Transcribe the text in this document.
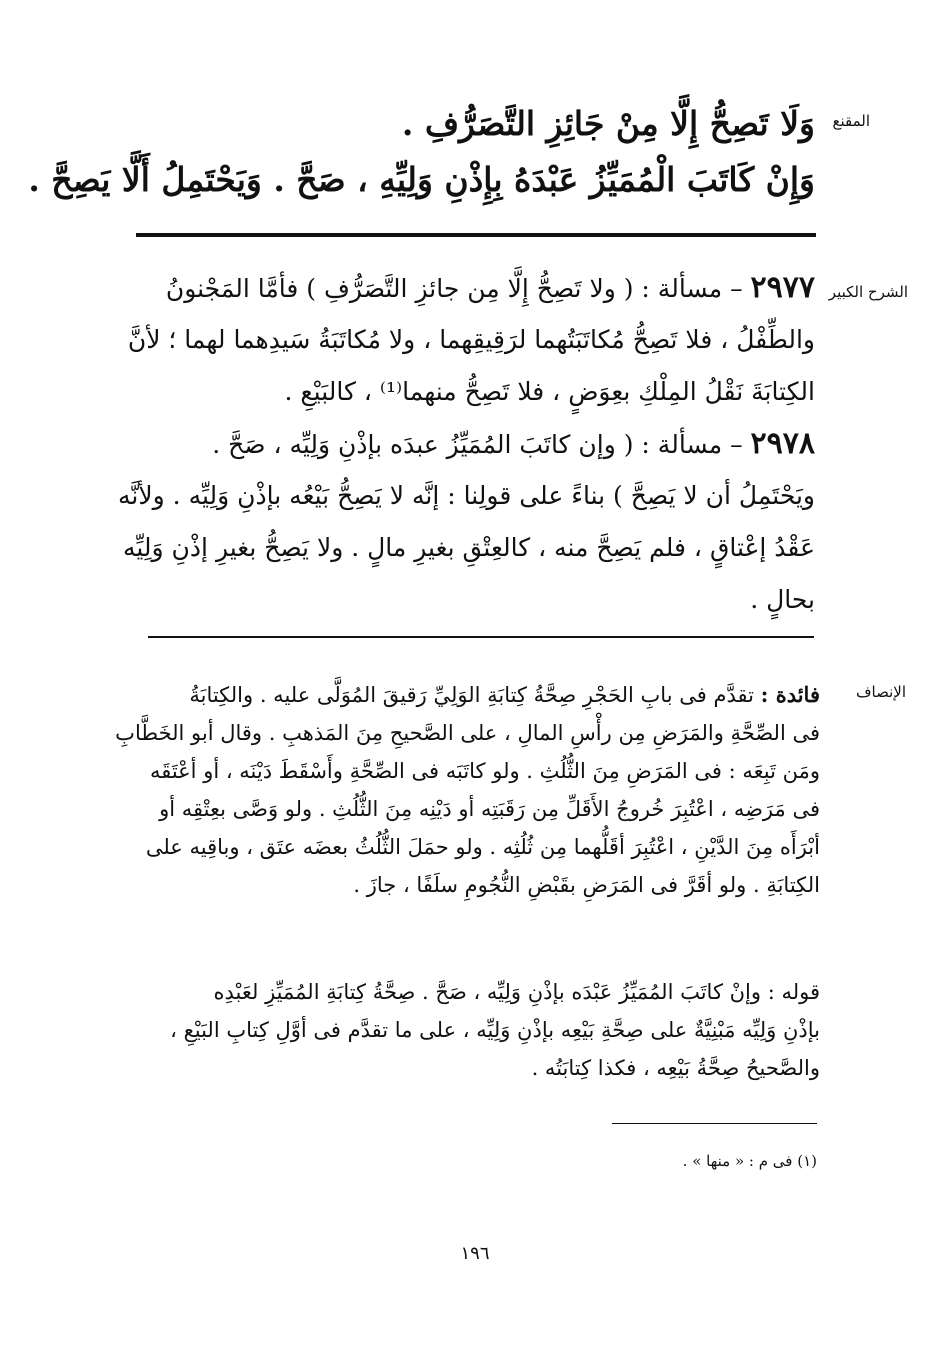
المقنع
وَلَا تَصِحُّ إِلَّا مِنْ جَائِزِ التَّصَرُّفِ .
وَإِنْ كَاتَبَ الْمُمَيِّزُ عَبْدَهُ بِإِذْنِ وَلِيِّهِ ، صَحَّ . وَيَحْتَمِلُ أَلَّا يَصِحَّ .
الشرح الكبير
٢٩٧٧ – مسألة : ( ولا تَصِحُّ إِلَّا مِن جائزِ التَّصَرُّفِ ) فأمَّا المَجْنونُ
والطِّفْلُ ، فلا تَصِحُّ مُكاتَبَتُهما لرَقِيقِهما ، ولا مُكاتَبَةُ سَيدِهما لهما ؛ لأنَّ
الكِتابَةَ نَقْلُ المِلْكِ بعِوَضٍ ، فلا تَصِحُّ منهما⁽¹⁾ ، كالبَيْعِ .
٢٩٧٨ – مسألة : ( وإن كاتَبَ المُمَيِّزُ عبدَه بإذْنِ وَلِيِّه ، صَحَّ .
ويَحْتَمِلُ أن لا يَصِحَّ ) بناءً على قولِنا : إنَّه لا يَصِحُّ بَيْعُه بإذْنِ وَلِيِّه . ولأنَّه
عَقْدُ إعْتاقٍ ، فلم يَصِحَّ منه ، كالعِتْقِ بغيرِ مالٍ . ولا يَصِحُّ بغيرِ إذْنِ وَلِيِّه
بحالٍ .
الإنصاف
فائدة : تقدَّم فى بابِ الحَجْرِ صِحَّةُ كِتابَةِ الوَلِيِّ رَقيقَ المُوَلَّى عليه . والكِتابَةُ
فى الصِّحَّةِ والمَرَضِ مِن رأْسِ المالِ ، على الصَّحيحِ مِنَ المَذهبِ . وقال أبو الخَطَّابِ
ومَن تَبِعَه : فى المَرَضِ مِنَ الثُّلُثِ . ولو كاتَبَه فى الصِّحَّةِ وأَسْقَطَ دَيْنَه ، أو أعْتَقَه
فى مَرَضِه ، اعْتُبِرَ خُروجُ الأَقَلِّ مِن رَقَبَتِه أو دَيْنِه مِنَ الثُّلُثِ . ولو وَصَّى بعِتْقِه أو
أبْرَأَه مِنَ الدَّيْنِ ، اعْتُبِرَ أقَلُّهما مِن ثُلُثِه . ولو حمَلَ الثُّلُثُ بعضَه عتَق ، وباقِيه على
الكِتابَةِ . ولو أقَرَّ فى المَرَضِ بقَبْضِ النُّجُومِ سلَفًا ، جازَ .
قوله : وإنْ كاتَبَ المُمَيِّزُ عَبْدَه بإذْنِ وَلِيِّه ، صَحَّ . صِحَّةُ كِتابَةِ المُمَيِّزِ لعَبْدِه
بإذْنِ وَلِيِّه مَبْنِيَّةٌ على صِحَّةِ بَيْعِه بإذْنِ وَلِيِّه ، على ما تقدَّم فى أوَّلِ كِتابِ البَيْعِ ،
والصَّحيحُ صِحَّةُ بَيْعِه ، فكذا كِتابَتُه .
(١) فى م : « منها » .
١٩٦
